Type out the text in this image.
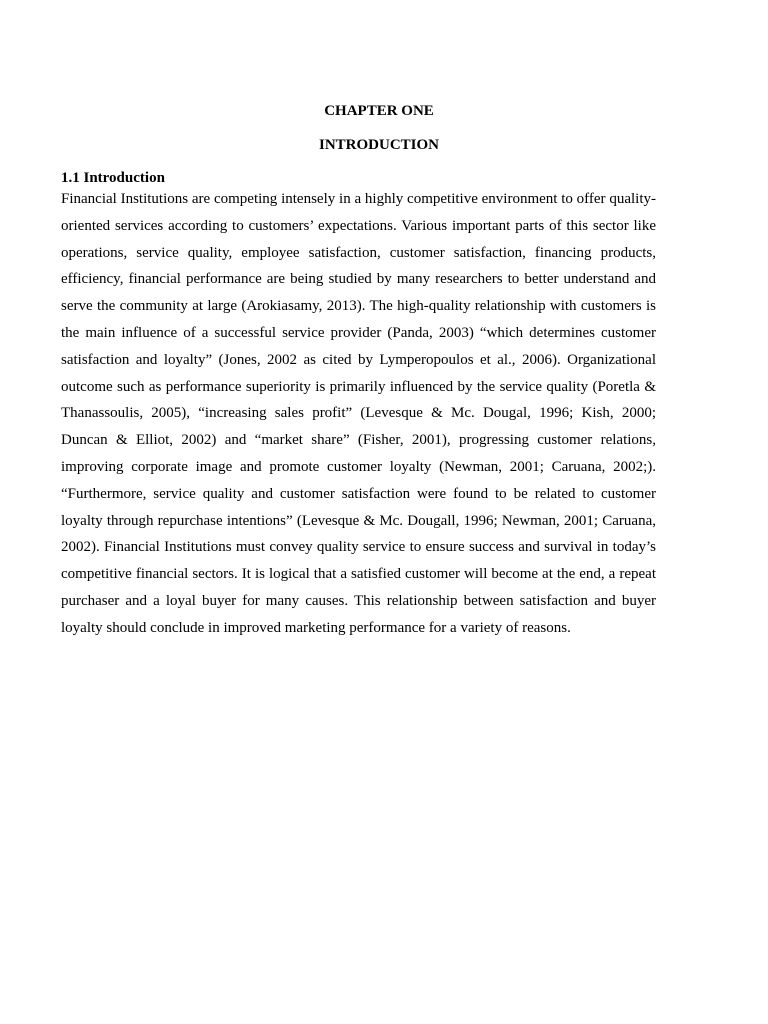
CHAPTER ONE
INTRODUCTION
1.1 Introduction

Financial Institutions are competing intensely in a highly competitive environment to offer quality-oriented services according to customers’ expectations. Various important parts of this sector like operations, service quality, employee satisfaction, customer satisfaction, financing products, efficiency, financial performance are being studied by many researchers to better understand and serve the community at large (Arokiasamy, 2013). The high-quality relationship with customers is the main influence of a successful service provider (Panda, 2003) “which determines customer satisfaction and loyalty” (Jones, 2002 as cited by Lymperopoulos et al., 2006). Organizational outcome such as performance superiority is primarily influenced by the service quality (Poretla & Thanassoulis, 2005), “increasing sales profit” (Levesque & Mc. Dougal, 1996; Kish, 2000; Duncan & Elliot, 2002) and “market share” (Fisher, 2001), progressing customer relations, improving corporate image and promote customer loyalty (Newman, 2001; Caruana, 2002;). “Furthermore, service quality and customer satisfaction were found to be related to customer loyalty through repurchase intentions” (Levesque & Mc. Dougall, 1996; Newman, 2001; Caruana, 2002). Financial Institutions must convey quality service to ensure success and survival in today’s competitive financial sectors. It is logical that a satisfied customer will become at the end, a repeat purchaser and a loyal buyer for many causes. This relationship between satisfaction and buyer loyalty should conclude in improved marketing performance for a variety of reasons.
